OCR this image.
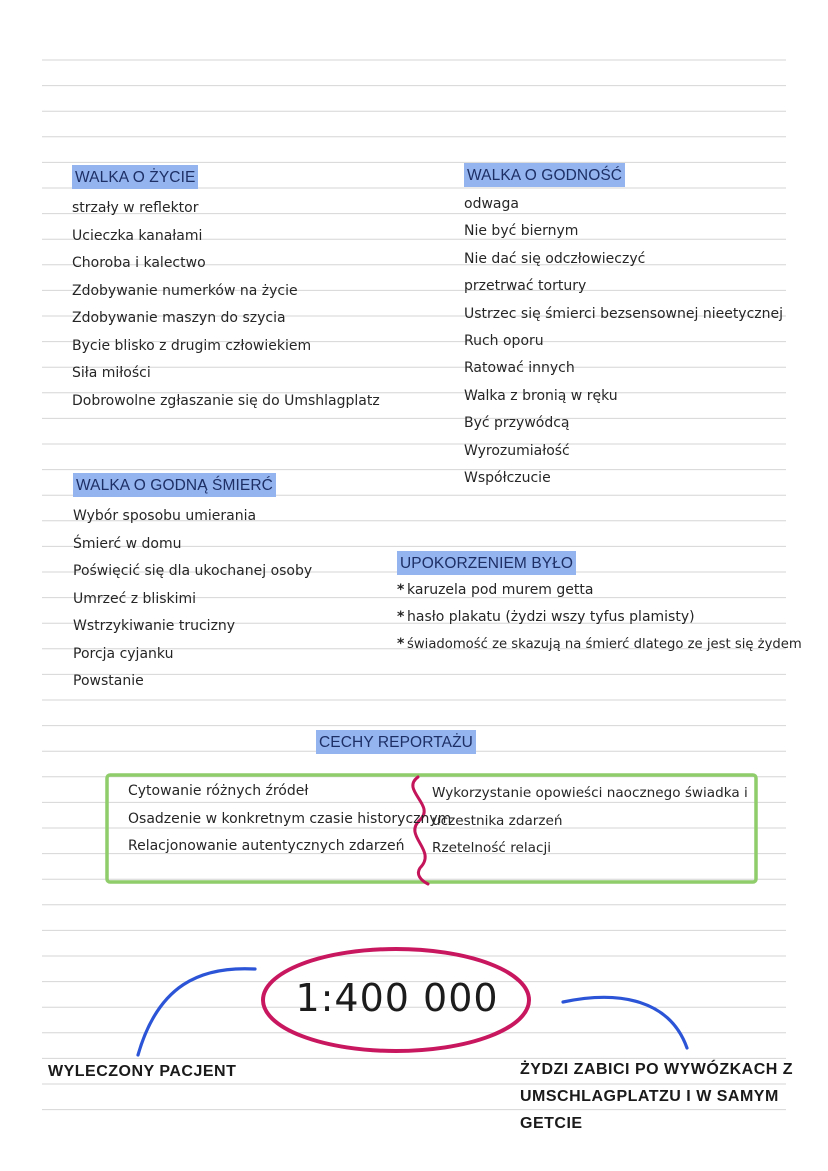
WALKA O ŻYCIE
strzały w reflektor
Ucieczka kanałami
Choroba i kalectwo
Zdobywanie numerków na życie
Zdobywanie maszyn do szycia
Bycie blisko z drugim człowiekiem
Siła miłości
Dobrowolne zgłaszanie się do Umshlagplatz
WALKA O GODNOŚĆ
odwaga
Nie być biernym
Nie dać się odczłowieczyć
przetrwać tortury
Ustrzec się śmierci bezsensownej nieetycznej
Ruch oporu
Ratować innych
Walka z bronią w ręku
Być przywódcą
Wyrozumiałość
Współczucie
WALKA O GODNĄ ŚMIERĆ
Wybór sposobu umierania
Śmierć w domu
Poświęcić się dla ukochanej osoby
Umrzeć z bliskimi
Wstrzykiwanie trucizny
Porcja cyjanku
Powstanie
UPOKORZENIEM BYŁO
* karuzela pod murem getta
* hasło plakatu (żydzi wszy tyfus plamisty)
* świadomość ze skazują na śmierć dlatego ze jest się żydem
CECHY REPORTAŻU
Cytowanie różnych źródeł
Osadzenie w konkretnym czasie historycznym
Relacjonowanie autentycznych zdarzeń
Wykorzystanie opowieści naocznego świadka i
uczestnika zdarzeń
Rzetelność relacji
1:400 000
WYLECZONY PACJENT	ŻYDZI ZABICI PO WYWÓZKACH Z
UMSCHLAGPLATZU I W SAMYM
GETCIE
